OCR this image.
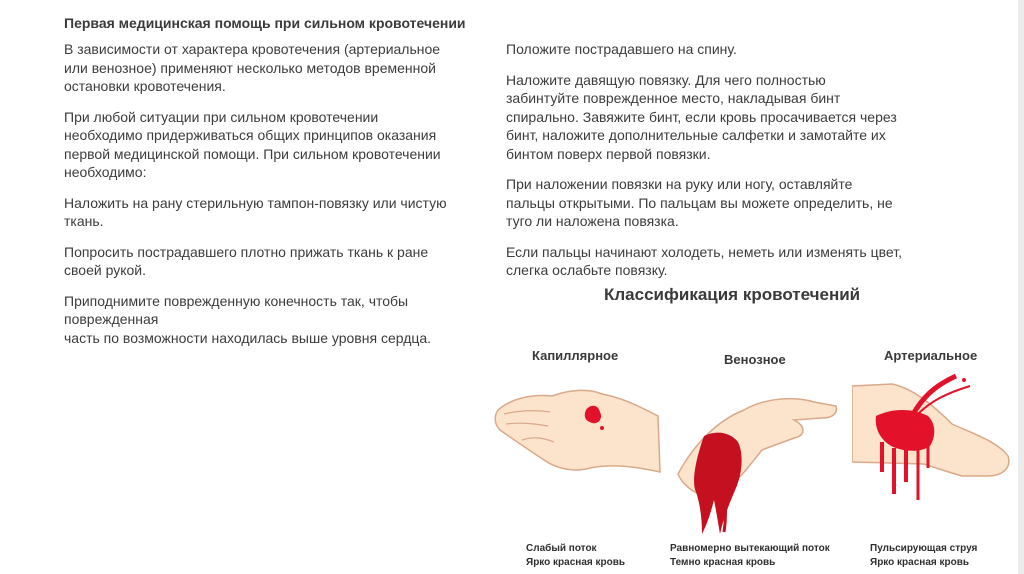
Первая медицинская помощь при сильном кровотечении

В зависимости от характера кровотечения (артериальное
или венозное) применяют несколько методов временной
остановки кровотечения.

При любой ситуации при сильном кровотечении
необходимо придерживаться общих принципов оказания
первой медицинской помощи. При сильном кровотечении
необходимо:

Наложить на рану стерильную тампон-повязку или чистую
ткань.

Попросить пострадавшего плотно прижать ткань к ране
своей рукой.

Приподнимите поврежденную конечность так, чтобы
поврежденная
часть по возможности находилась выше уровня сердца.

Положите пострадавшего на спину.

Наложите давящую повязку. Для чего полностью
забинтуйте поврежденное место, накладывая бинт
спирально. Завяжите бинт, если кровь просачивается через
бинт, наложите дополнительные салфетки и замотайте их
бинтом поверх первой повязки.

При наложении повязки на руку или ногу, оставляйте
пальцы открытыми. По пальцам вы можете определить, не
туго ли наложена повязка.

Если пальцы начинают холодеть, неметь или изменять цвет,
слегка ослабьте повязку.

Классификация кровотечений
Капиллярное	Венозное	Артериальное
Слабый поток
Ярко красная кровь
Равномерно вытекающий поток
Темно красная кровь
Пульсирующая струя
Ярко красная кровь
